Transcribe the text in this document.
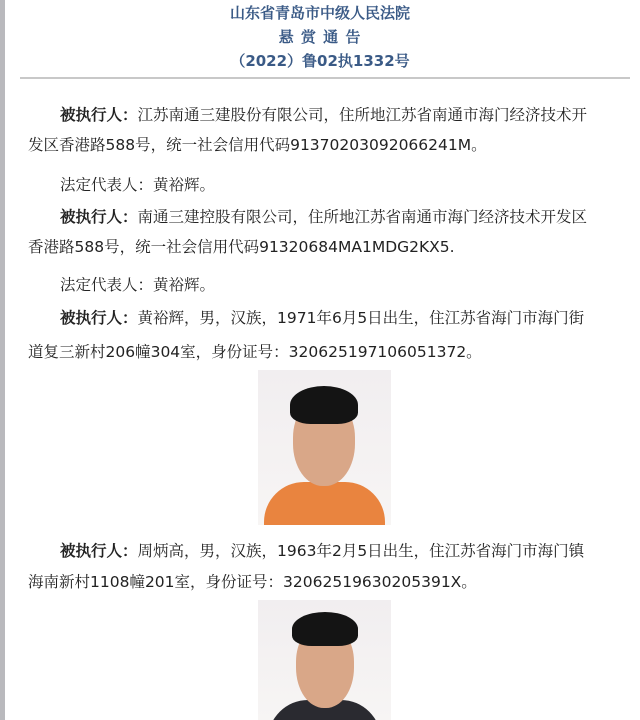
山东省青岛市中级人民法院
悬 赏 通 告
（2022）鲁02执1332号
被执行人：江苏南通三建股份有限公司，住所地江苏省南通市海门经济技术开
发区香港路588号，统一社会信用代码91370203092066241M。
法定代表人：黄裕辉。
被执行人：南通三建控股有限公司，住所地江苏省南通市海门经济技术开发区
香港路588号，统一社会信用代码91320684MA1MDG2KX5.
法定代表人：黄裕辉。
被执行人：黄裕辉，男，汉族，1971年6月5日出生，住江苏省海门市海门街
道复三新村206幢304室，身份证号：320625197106051372。
被执行人：周炳高，男，汉族，1963年2月5日出生，住江苏省海门市海门镇
海南新村1108幢201室，身份证号：32062519630205391X。
